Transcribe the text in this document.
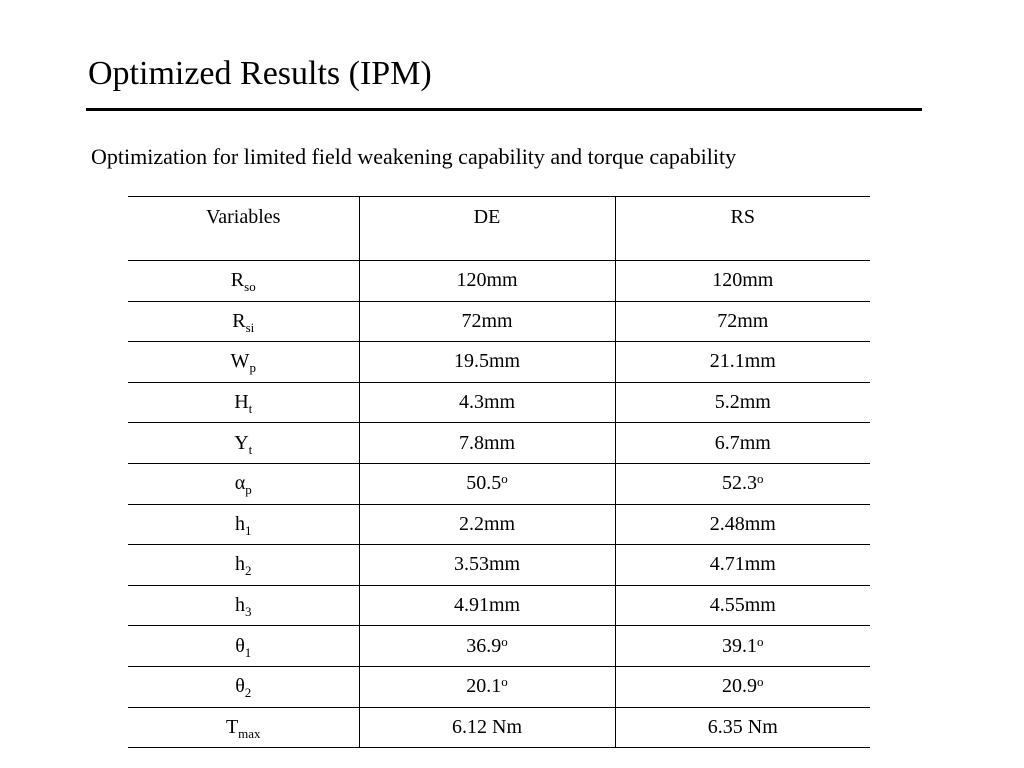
Optimized Results (IPM)
Optimization for limited field weakening capability and torque capability
Variables	DE	RS
$R_{so}$	120mm	120mm
$R_{si}$	72mm	72mm
$W_p$	19.5mm	21.1mm
$H_t$	4.3mm	5.2mm
$Y_t$	7.8mm	6.7mm
$\alpha_p$	50.5$^o$	52.3$^o$
$h_1$	2.2mm	2.48mm
$h_2$	3.53mm	4.71mm
$h_3$	4.91mm	4.55mm
$\theta_1$	36.9$^o$	39.1$^o$
$\theta_2$	20.1$^o$	20.9$^o$
$T_{max}$	6.12 Nm	6.35 Nm
